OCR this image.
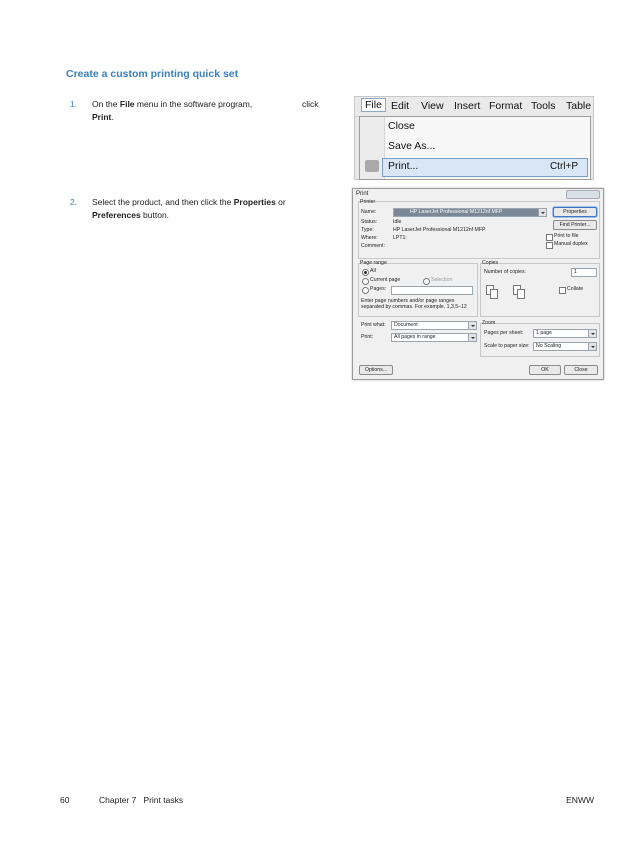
Create a custom printing quick set
1. On the File menu in the software program,	click

Print.
2. Select the product, and then click the Properties or
Preferences button.
File Edit View Insert Format Tools Table
Close
Save As...
Print...	Ctrl+P
Print
Printer
Name:	HP LaserJet Professional M1212nf MFP	Properties
Status:	Idle
Type:	HP LaserJet Professional M1212nf MFP
Where:	LPT1:
Comment:
Find Printer...
Print to file
Manual duplex
Page range
All
Current page	Selection
Pages:
Enter page numbers and/or page ranges
separated by commas. For example, 1,3,5–12
Copies
Number of copies:	1
Collate
Print what: Document
Print:	All pages in range
Zoom
Pages per sheet: 1 page
Scale to paper size: No Scaling
Options...	OK	Close
60	Chapter 7   Print tasks	ENWW
